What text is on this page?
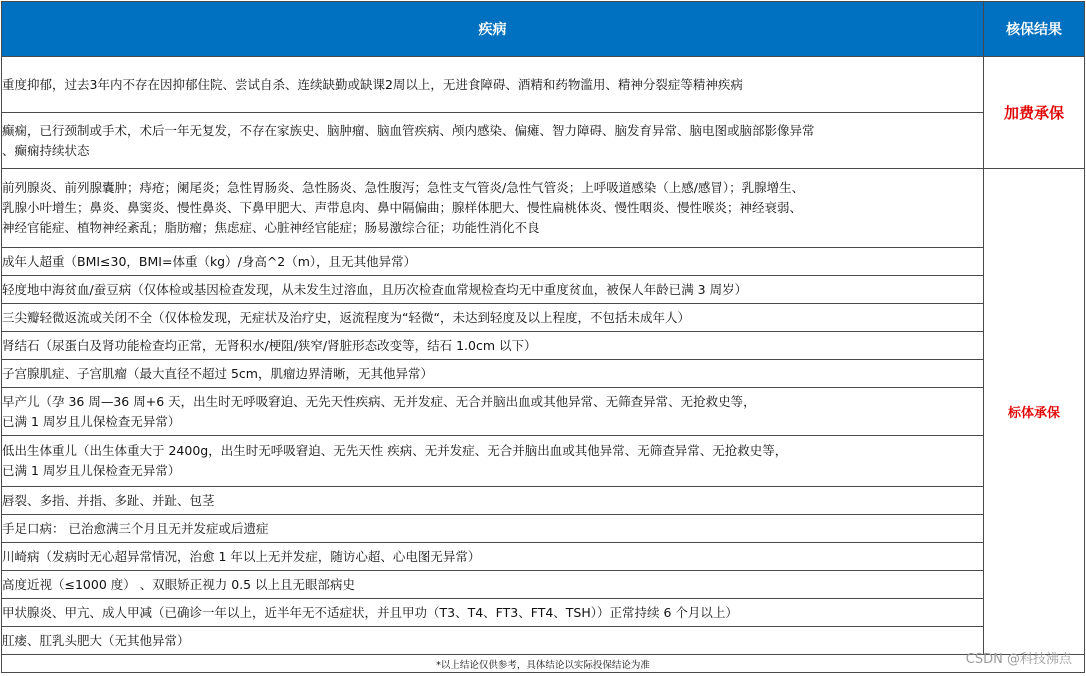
疾病	核保结果
重度抑郁，过去3年内不存在因抑郁住院、尝试自杀、连续缺勤或缺课2周以上，无进食障碍、酒精和药物滥用、精神分裂症等精神疾病	加费承保
癫痫，已行颈制或手术，术后一年无复发，不存在家族史、脑肿瘤、脑血管疾病、颅内感染、偏瘫、智力障碍、脑发育异常、脑电图或脑部影像异常
、癫痫持续状态	
前列腺炎、前列腺囊肿；痔疮；阑尾炎；急性胃肠炎、急性肠炎、急性腹泻；急性支气管炎/急性气管炎；上呼吸道感染（上感/感冒）；乳腺增生、
乳腺小叶增生；鼻炎、鼻窦炎、慢性鼻炎、下鼻甲肥大、声带息肉、鼻中隔偏曲；腺样体肥大、慢性扁桃体炎、慢性咽炎、慢性喉炎；神经衰弱、
神经官能症、植物神经紊乱；脂肪瘤；焦虑症、心脏神经官能症；肠易激综合征；功能性消化不良	标体承保
成年人超重（BMI≤30，BMI=体重（kg）/身高^2（m），且无其他异常）	
轻度地中海贫血/蚕豆病（仅体检或基因检查发现，从未发生过溶血，且历次检查血常规检查均无中重度贫血，被保人年龄已满 3 周岁）	
三尖瓣轻微返流或关闭不全（仅体检发现，无症状及治疗史，返流程度为“轻微“，未达到轻度及以上程度，不包括未成年人）	
肾结石（尿蛋白及肾功能检查均正常，无肾积水/梗阻/狭窄/肾脏形态改变等，结石 1.0cm 以下）	
子宫腺肌症、子宫肌瘤（最大直径不超过 5cm，肌瘤边界清晰，无其他异常）	
早产儿（孕 36 周—36 周+6 天，出生时无呼吸窘迫、无先天性疾病、无并发症、无合并脑出血或其他异常、无筛查异常、无抢救史等，
已满 1 周岁且儿保检查无异常）	
低出生体重儿（出生体重大于 2400g，出生时无呼吸窘迫、无先天性 疾病、无并发症、无合并脑出血或其他异常、无筛查异常、无抢救史等，
已满 1 周岁且儿保检查无异常）	
唇裂、多指、并指、多趾、并趾、包茎	
手足口病： 已治愈满三个月且无并发症或后遗症	
川崎病（发病时无心超异常情况，治愈 1 年以上无并发症，随访心超、心电图无异常）	
高度近视（≤1000 度） 、双眼矫正视力 0.5 以上且无眼部病史	
甲状腺炎、甲亢、成人甲减（已确诊一年以上，近半年无不适症状，并且甲功（T3、T4、FT3、FT4、TSH））正常持续 6 个月以上）	
肛瘘、肛乳头肥大（无其他异常）	
*以上结论仅供参考，具体结论以实际投保结论为准		CSDN @科技沸点
